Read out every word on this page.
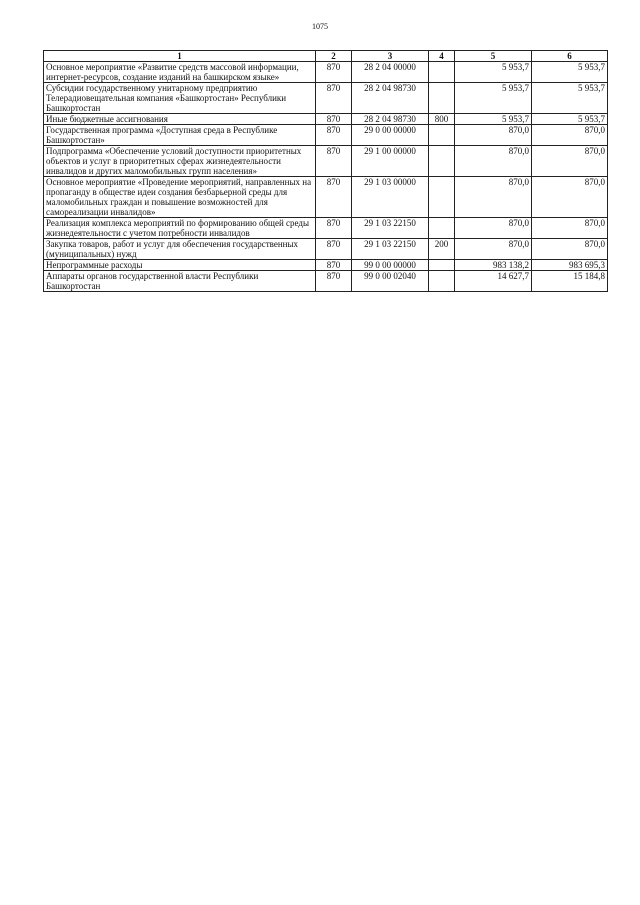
1075
1	2	3	4	5	6
Основное мероприятие «Развитие средств массовой информации, интернет-ресурсов, создание изданий на башкирском языке»	870	28 2 04 00000		5 953,7	5 953,7
Субсидии государственному унитарному предприятию Телерадиовещательная компания «Башкортостан» Республики Башкортостан	870	28 2 04 98730		5 953,7	5 953,7
Иные бюджетные ассигнования	870	28 2 04 98730	800	5 953,7	5 953,7
Государственная программа «Доступная среда в Республике Башкортостан»	870	29 0 00 00000		870,0	870,0
Подпрограмма «Обеспечение условий доступности приоритетных объектов и услуг в приоритетных сферах жизнедеятельности инвалидов и других маломобильных групп населения»	870	29 1 00 00000		870,0	870,0
Основное мероприятие «Проведение мероприятий, направленных на пропаганду в обществе идеи создания безбарьерной среды для маломобильных граждан и повышение возможностей для самореализации инвалидов»	870	29 1 03 00000		870,0	870,0
Реализация комплекса мероприятий по формированию общей среды жизнедеятельности с учетом потребности инвалидов	870	29 1 03 22150		870,0	870,0
Закупка товаров, работ и услуг для обеспечения государственных (муниципальных) нужд	870	29 1 03 22150	200	870,0	870,0
Непрограммные расходы	870	99 0 00 00000		983 138,2	983 695,3
Аппараты органов государственной власти Республики Башкортостан	870	99 0 00 02040		14 627,7	15 184,8
